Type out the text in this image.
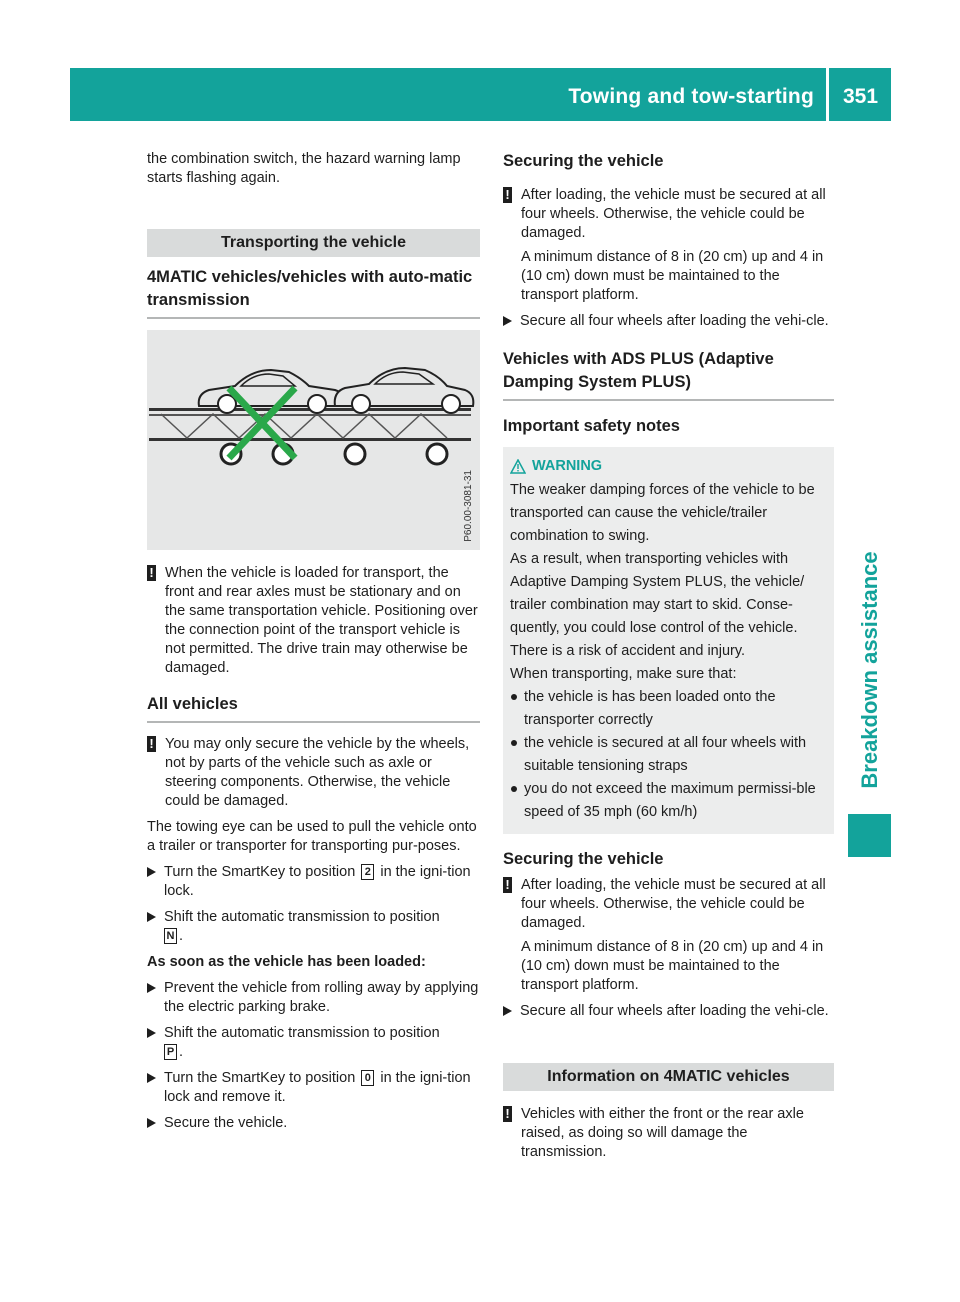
Towing and tow-starting	351
Breakdown assistance

the combination switch, the hazard warning lamp starts flashing again.

Transporting the vehicle

4MATIC vehicles/vehicles with auto-matic transmission

P60.00-3081-31
! When the vehicle is loaded for transport, the front and rear axles must be stationary and on the same transportation vehicle. Positioning over the connection point of the transport vehicle is not permitted. The drive train may otherwise be damaged.

All vehicles

! You may only secure the vehicle by the wheels, not by parts of the vehicle such as axle or steering components. Otherwise, the vehicle could be damaged.

The towing eye can be used to pull the vehicle onto a trailer or transporter for transporting pur-poses.

Turn the SmartKey to position 2 in the igni-tion lock.
Shift the automatic transmission to position
N .

As soon as the vehicle has been loaded:

Prevent the vehicle from rolling away by applying the electric parking brake.
Shift the automatic transmission to position
P .
Turn the SmartKey to position 0 in the igni-tion lock and remove it.
Secure the vehicle.

Securing the vehicle

! After loading, the vehicle must be secured at all four wheels. Otherwise, the vehicle could be damaged.
A minimum distance of 8 in (20 cm) up and 4 in (10 cm) down must be maintained to the transport platform.
Secure all four wheels after loading the vehi-cle.

Vehicles with ADS PLUS (Adaptive Damping System PLUS)

Important safety notes

WARNING

The weaker damping forces of the vehicle to be transported can cause the vehicle/trailer combination to swing.

As a result, when transporting vehicles with Adaptive Damping System PLUS, the vehicle/ trailer combination may start to skid. Conse-quently, you could lose control of the vehicle.

There is a risk of accident and injury.

When transporting, make sure that:

the vehicle is has been loaded onto the transporter correctly
the vehicle is secured at all four wheels with suitable tensioning straps
you do not exceed the maximum permissi-ble speed of 35 mph (60 km/h)

Securing the vehicle

! After loading, the vehicle must be secured at all four wheels. Otherwise, the vehicle could be damaged.
A minimum distance of 8 in (20 cm) up and 4 in (10 cm) down must be maintained to the transport platform.
Secure all four wheels after loading the vehi-cle.
Information on 4MATIC vehicles
! Vehicles with either the front or the rear axle raised, as doing so will damage the transmission.
